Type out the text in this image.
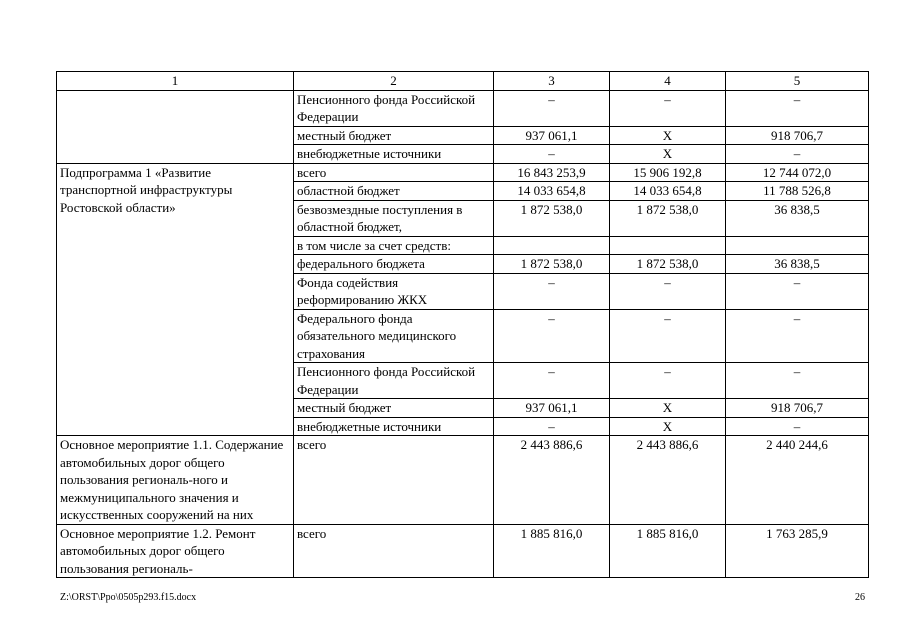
1	2	3	4	5
	Пенсионного фонда Российской Федерации	–	–	–
	местный бюджет	937 061,1	Х	918 706,7
	внебюджетные источники	–	Х	–
Подпрограмма 1 «Развитие транспортной инфраструктуры Ростовской области»	всего	16 843 253,9	15 906 192,8	12 744 072,0
	областной бюджет	14 033 654,8	14 033 654,8	11 788 526,8
	безвозмездные поступления в областной бюджет,	1 872 538,0	1 872 538,0	36 838,5
	в том числе за счет средств:			
	федерального бюджета	1 872 538,0	1 872 538,0	36 838,5
	Фонда содействия реформированию ЖКХ	–	–	–
	Федерального фонда обязательного медицинского страхования	–	–	–
	Пенсионного фонда Российской Федерации	–	–	–
	местный бюджет	937 061,1	Х	918 706,7
	внебюджетные источники	–	Х	–
Основное мероприятие 1.1. Содержание автомобильных дорог общего пользования региональ-ного и межмуниципального значения и искусственных сооружений на них	всего	2 443 886,6	2 443 886,6	2 440 244,6
Основное мероприятие 1.2. Ремонт автомобильных дорог общего пользования региональ-	всего	1 885 816,0	1 885 816,0	1 763 285,9
Z:\ORST\Ppo\0505p293.f15.docx	26
